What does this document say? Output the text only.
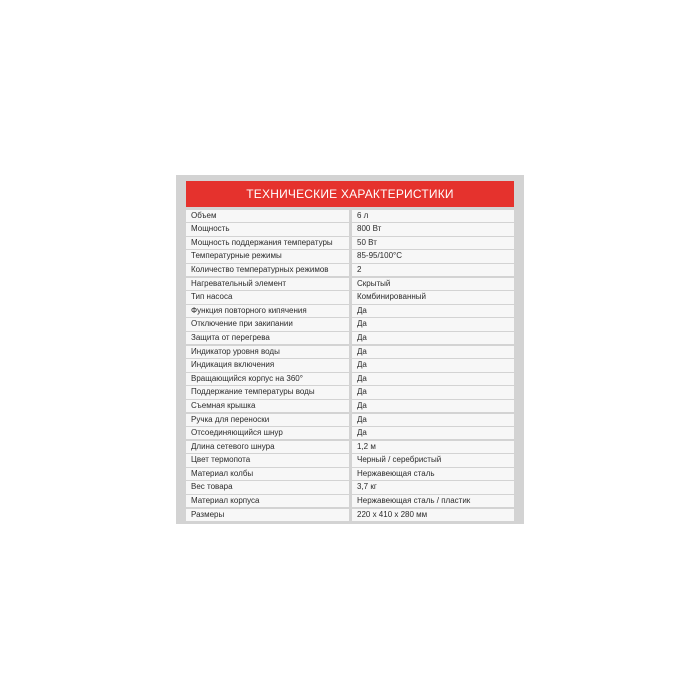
ТЕХНИЧЕСКИЕ ХАРАКТЕРИСТИКИ
Объем	6 л
Мощность	800 Вт
Мощность поддержания температуры	50 Вт
Температурные режимы	85-95/100°C
Количество температурных режимов	2
Нагревательный элемент	Скрытый
Тип насоса	Комбинированный
Функция повторного кипячения	Да
Отключение при закипании	Да
Защита от перегрева	Да
Индикатор уровня воды	Да
Индикация включения	Да
Вращающийся корпус на 360°	Да
Поддержание температуры воды	Да
Съемная крышка	Да
Ручка для переноски	Да
Отсоединяющийся шнур	Да
Длина сетевого шнура	1,2 м
Цвет термопота	Черный / серебристый
Материал колбы	Нержавеющая сталь
Вес товара	3,7 кг
Материал корпуса	Нержавеющая сталь / пластик
Размеры	220 х 410 х 280 мм
